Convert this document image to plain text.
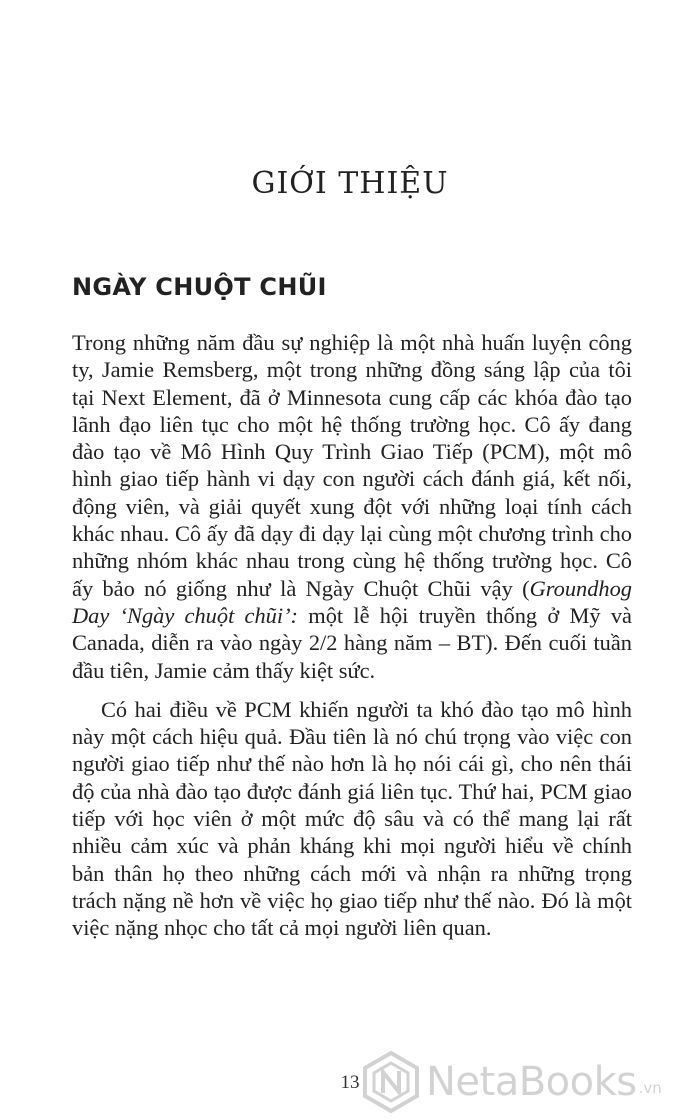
GIỚI THIỆU
NGÀY CHUỘT CHŨI

Trong những năm đầu sự nghiệp là một nhà huấn luyện công ty, Jamie Remsberg, một trong những đồng sáng lập của tôi tại Next Element, đã ở Minnesota cung cấp các khóa đào tạo lãnh đạo liên tục cho một hệ thống trường học. Cô ấy đang đào tạo về Mô Hình Quy Trình Giao Tiếp (PCM), một mô hình giao tiếp hành vi dạy con người cách đánh giá, kết nối, động viên, và giải quyết xung đột với những loại tính cách khác nhau. Cô ấy đã dạy đi dạy lại cùng một chương trình cho những nhóm khác nhau trong cùng hệ thống trường học. Cô ấy bảo nó giống như là Ngày Chuột Chũi vậy (Groundhog Day ‘Ngày chuột chũi’: một lễ hội truyền thống ở Mỹ và Canada, diễn ra vào ngày 2/2 hàng năm – BT). Đến cuối tuần đầu tiên, Jamie cảm thấy kiệt sức.

Có hai điều về PCM khiến người ta khó đào tạo mô hình này một cách hiệu quả. Đầu tiên là nó chú trọng vào việc con người giao tiếp như thế nào hơn là họ nói cái gì, cho nên thái độ của nhà đào tạo được đánh giá liên tục. Thứ hai, PCM giao tiếp với học viên ở một mức độ sâu và có thể mang lại rất nhiều cảm xúc và phản kháng khi mọi người hiểu về chính bản thân họ theo những cách mới và nhận ra những trọng trách nặng nề hơn về việc họ giao tiếp như thế nào. Đó là một việc nặng nhọc cho tất cả mọi người liên quan.

13	NetaBooks .vn
